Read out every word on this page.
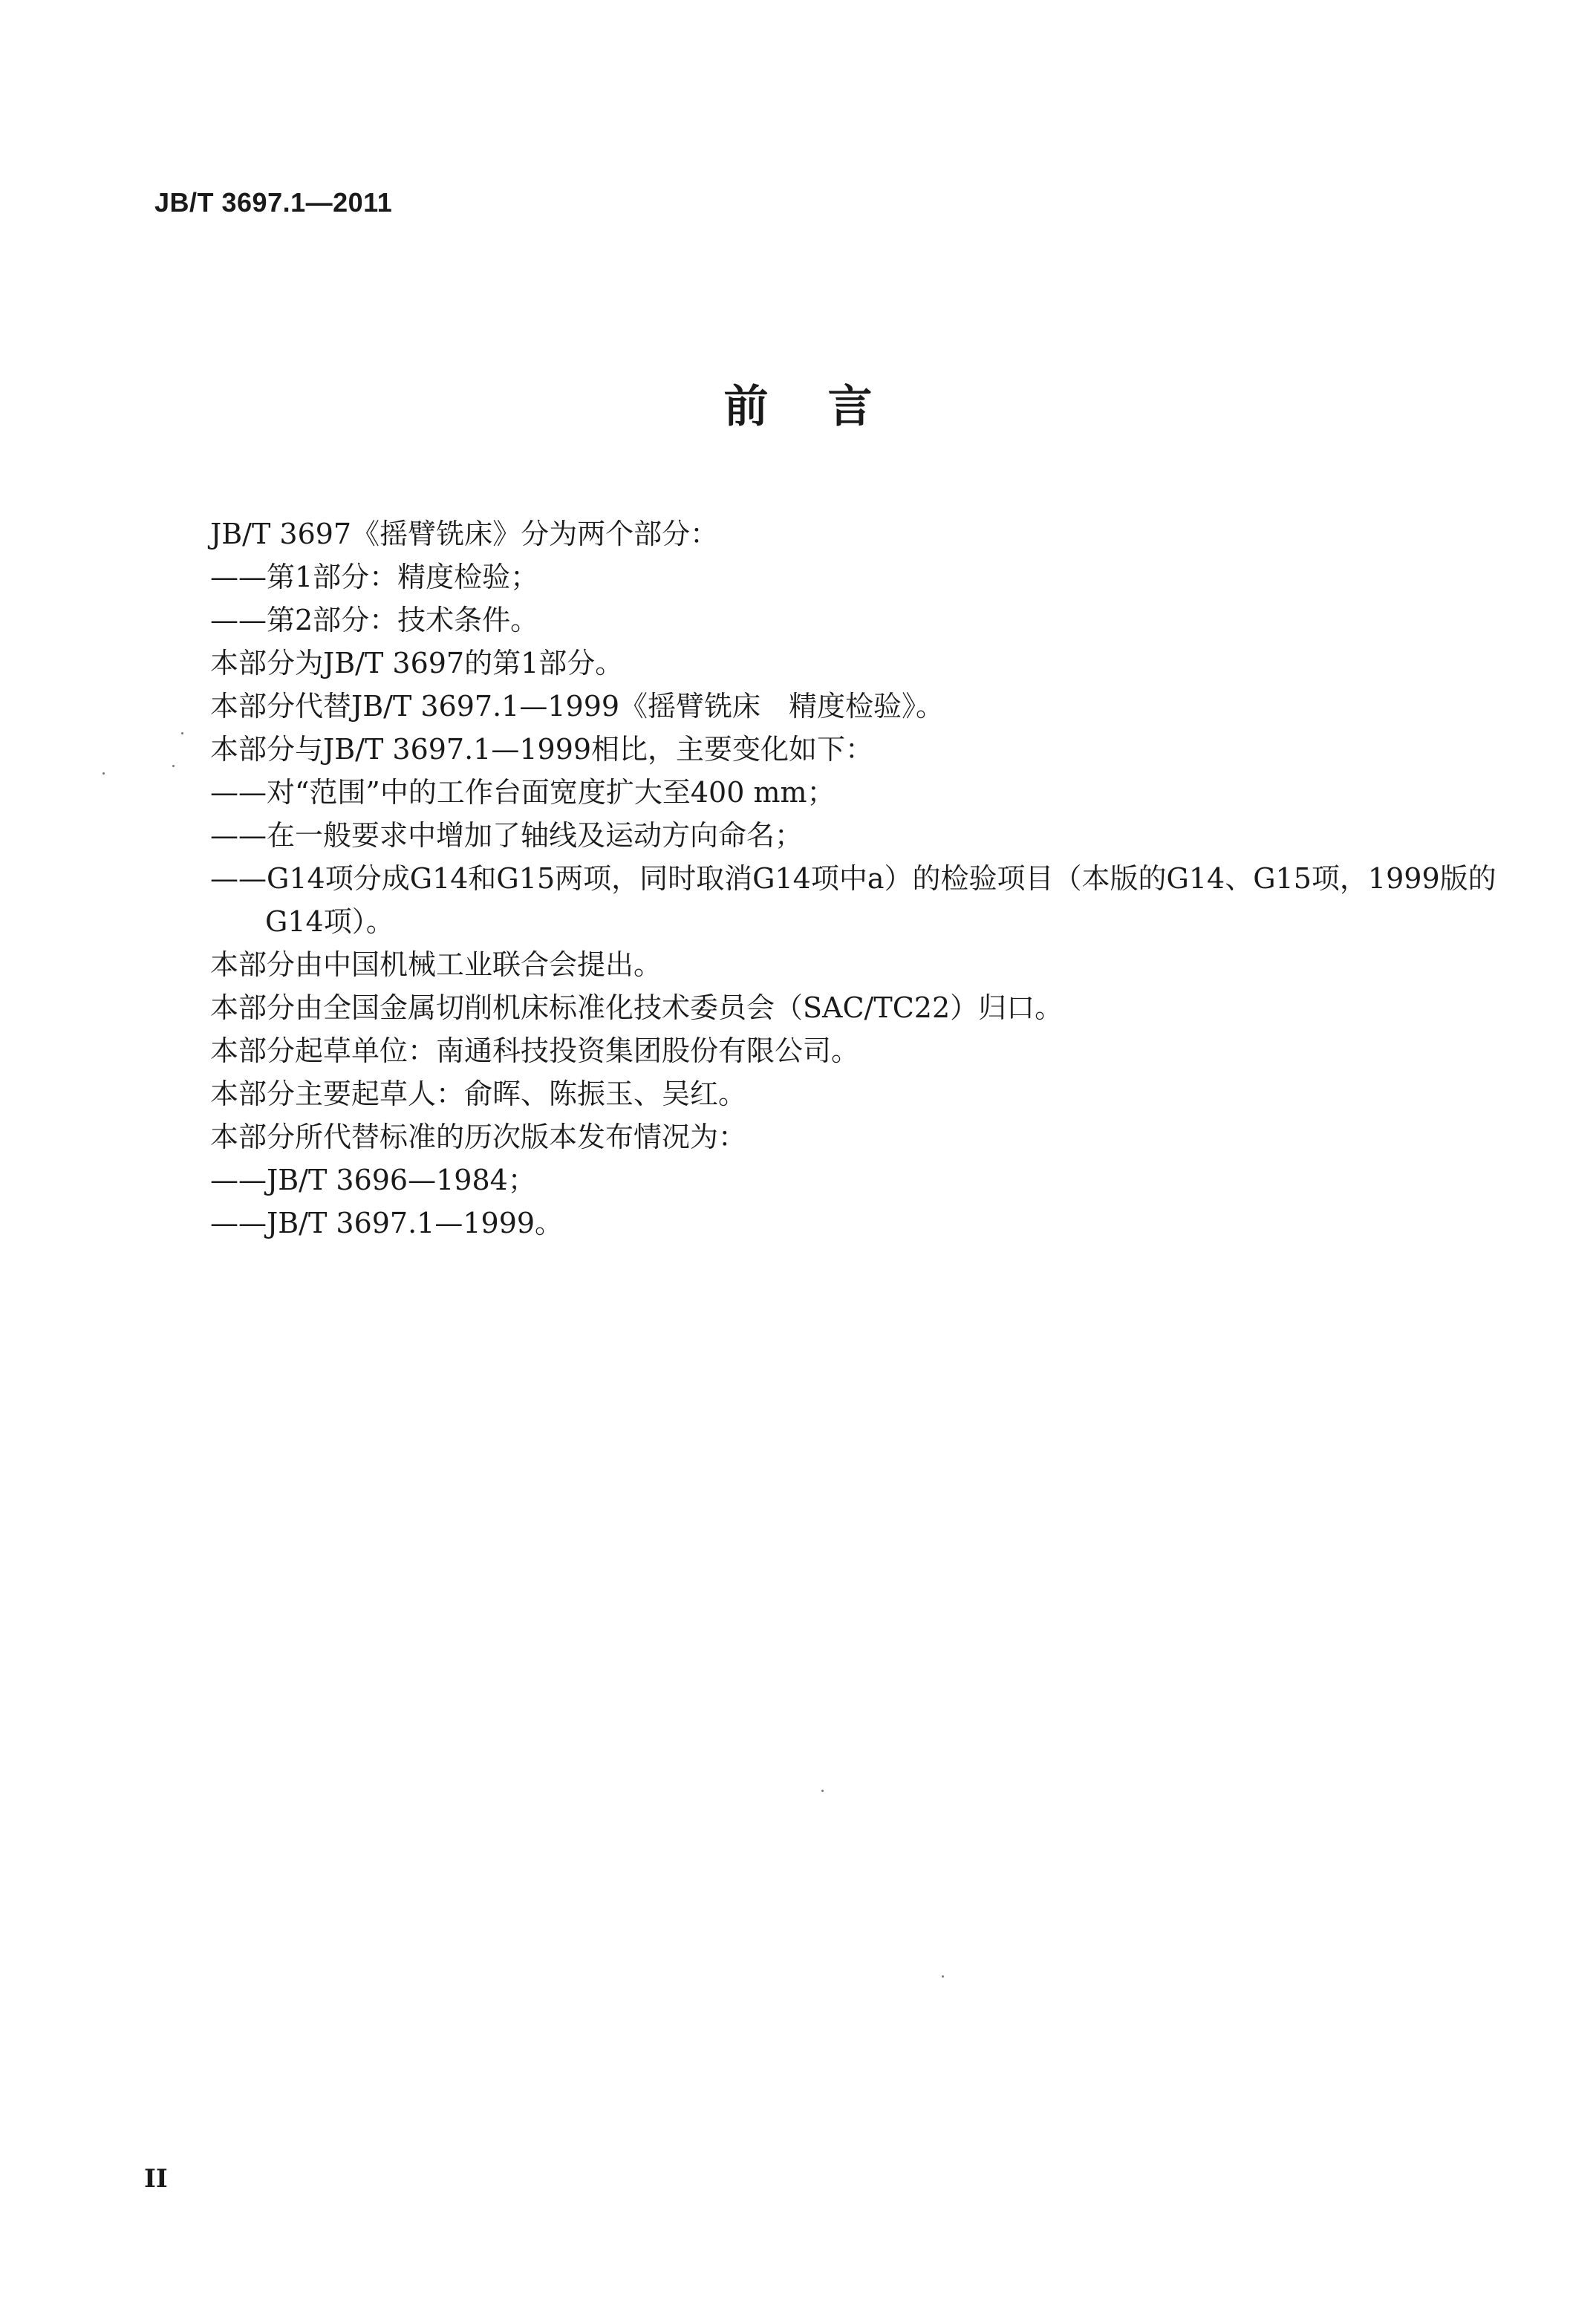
JB/T 3697.1—2011
前言
JB/T 3697《摇臂铣床》分为两个部分：
——第1部分：精度检验；
——第2部分：技术条件。
本部分为JB/T 3697的第1部分。
本部分代替JB/T 3697.1—1999《摇臂铣床　精度检验》。
本部分与JB/T 3697.1—1999相比，主要变化如下：
——对“范围”中的工作台面宽度扩大至400 mm；
——在一般要求中增加了轴线及运动方向命名；
——G14项分成G14和G15两项，同时取消G14项中a）的检验项目（本版的G14、G15项，1999版的
G14项）。
本部分由中国机械工业联合会提出。
本部分由全国金属切削机床标准化技术委员会（SAC/TC22）归口。
本部分起草单位：南通科技投资集团股份有限公司。
本部分主要起草人：俞晖、陈振玉、吴红。
本部分所代替标准的历次版本发布情况为：
——JB/T 3696—1984；
——JB/T 3697.1—1999。
II
